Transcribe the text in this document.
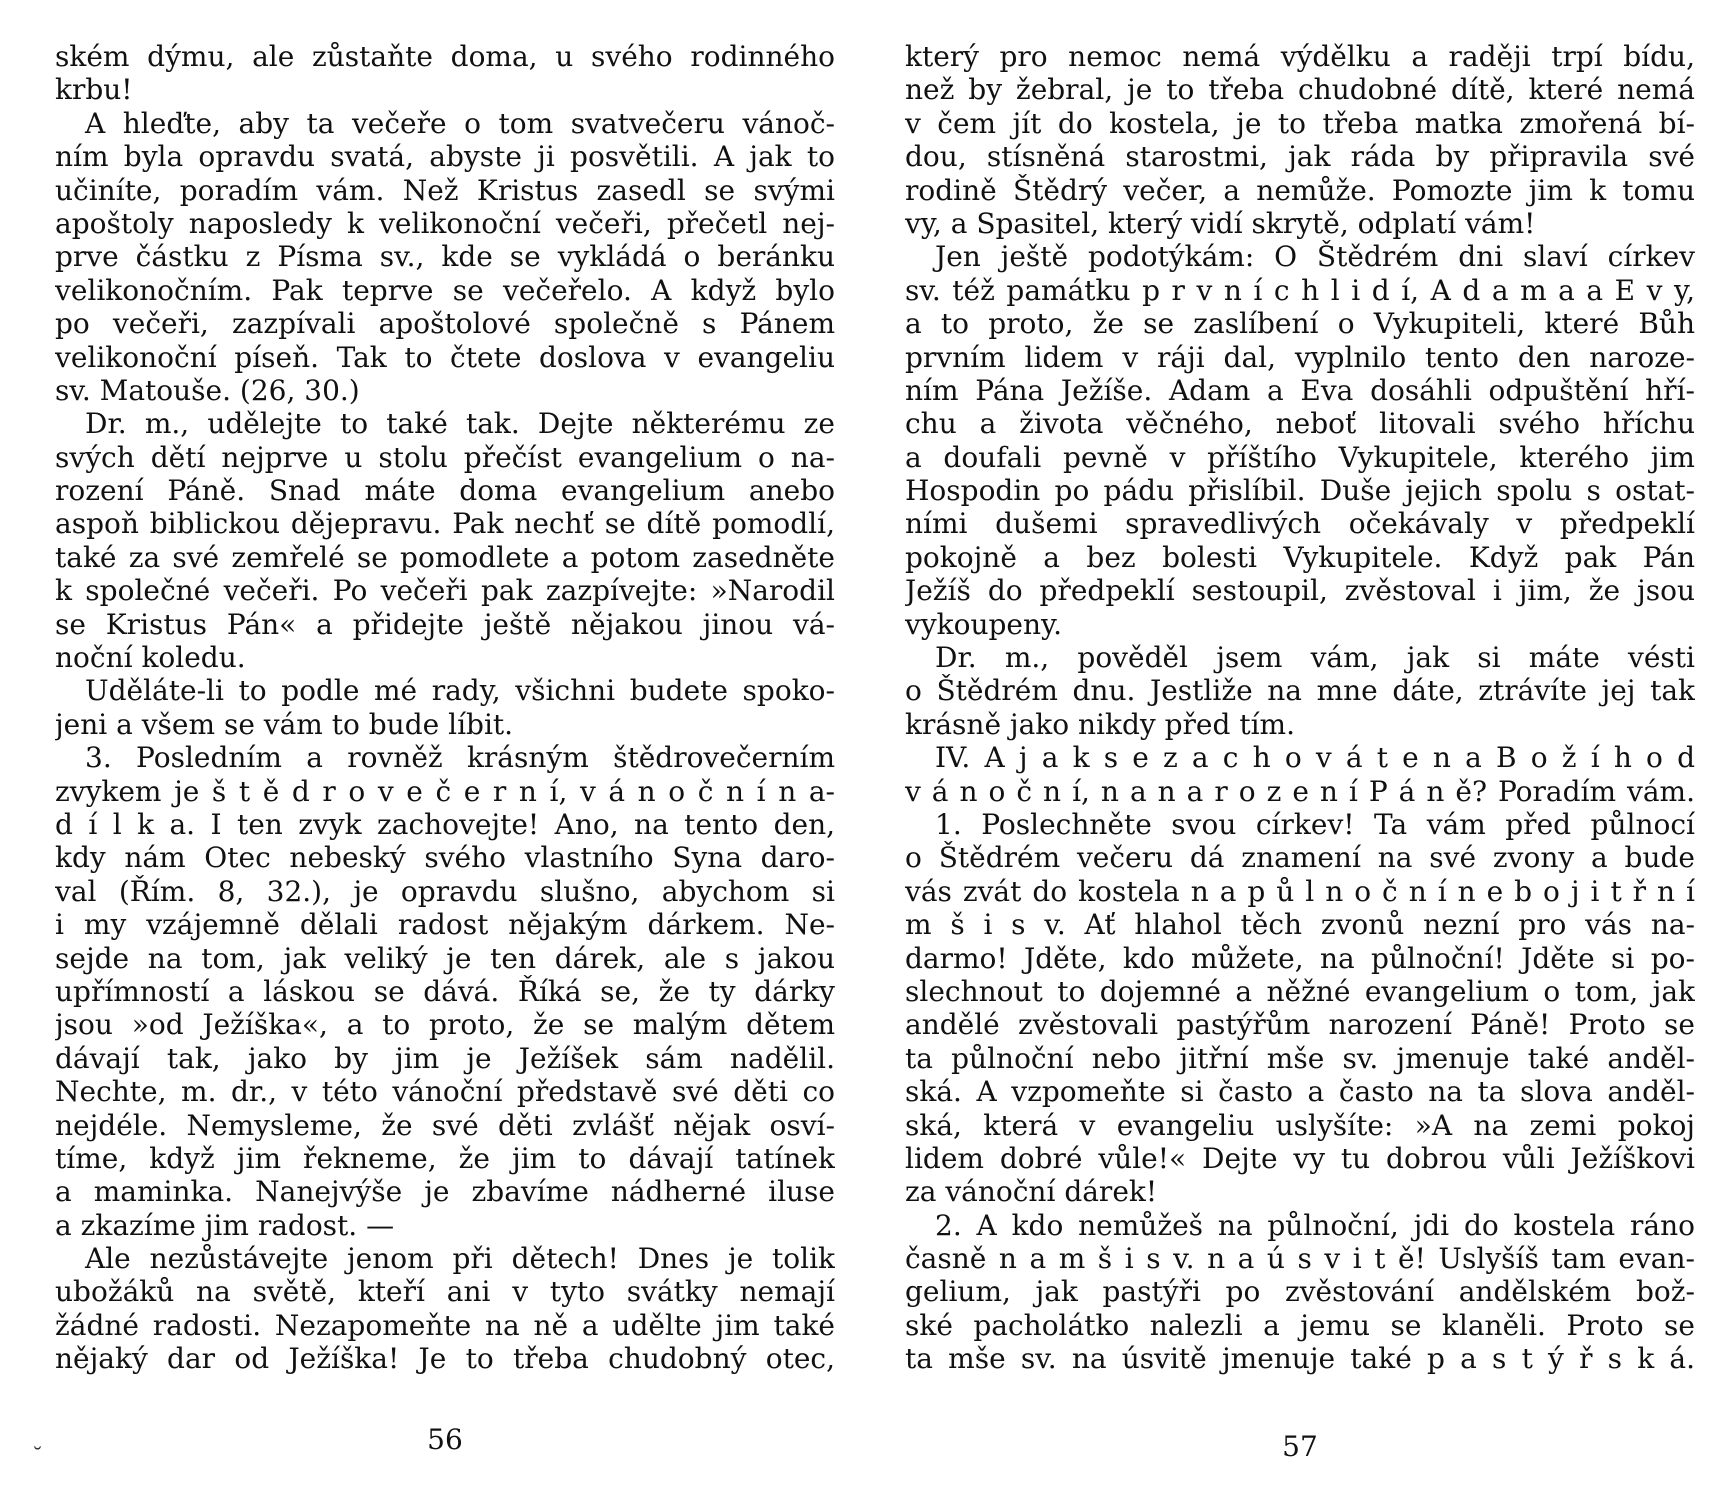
ském dýmu, ale zůstaňte doma, u svého rodinného
krbu!
A hleďte, aby ta večeře o tom svatvečeru vánoč-
ním byla opravdu svatá, abyste ji posvětili. A jak to
učiníte, poradím vám. Než Kristus zasedl se svými
apoštoly naposledy k velikonoční večeři, přečetl nej-
prve částku z Písma sv., kde se vykládá o beránku
velikonočním. Pak teprve se večeřelo. A když bylo
po večeři, zazpívali apoštolové společně s Pánem
velikonoční píseň. Tak to čtete doslova v evangeliu
sv. Matouše. (26, 30.)
Dr. m., udělejte to také tak. Dejte některému ze
svých dětí nejprve u stolu přečíst evangelium o na-
rození Páně. Snad máte doma evangelium anebo
aspoň biblickou dějepravu. Pak nechť se dítě pomodlí,
také za své zemřelé se pomodlete a potom zasedněte
k společné večeři. Po večeři pak zazpívejte: »Narodil
se Kristus Pán« a přidejte ještě nějakou jinou vá-
noční koledu.
Uděláte-li to podle mé rady, všichni budete spoko-
jeni a všem se vám to bude líbit.
3. Posledním a rovněž krásným štědrovečerním
zvykem je š t ě d r o v e č e r n í, v á n o č n í n a-
d í l k a. I ten zvyk zachovejte! Ano, na tento den,
kdy nám Otec nebeský svého vlastního Syna daro-
val (Řím. 8, 32.), je opravdu slušno, abychom si
i my vzájemně dělali radost nějakým dárkem. Ne-
sejde na tom, jak veliký je ten dárek, ale s jakou
upřímností a láskou se dává. Říká se, že ty dárky
jsou »od Ježíška«, a to proto, že se malým dětem
dávají tak, jako by jim je Ježíšek sám nadělil.
Nechte, m. dr., v této vánoční představě své děti co
nejdéle. Nemysleme, že své děti zvlášť nějak osví-
tíme, když jim řekneme, že jim to dávají tatínek
a maminka. Nanejvýše je zbavíme nádherné iluse
a zkazíme jim radost. —
Ale nezůstávejte jenom při dětech! Dnes je tolik
ubožáků na světě, kteří ani v tyto svátky nemají
žádné radosti. Nezapomeňte na ně a udělte jim také
nějaký dar od Ježíška! Je to třeba chudobný otec,
56
který pro nemoc nemá výdělku a raději trpí bídu,
než by žebral, je to třeba chudobné dítě, které nemá
v čem jít do kostela, je to třeba matka zmořená bí-
dou, stísněná starostmi, jak ráda by připravila své
rodině Štědrý večer, a nemůže. Pomozte jim k tomu
vy, a Spasitel, který vidí skrytě, odplatí vám!
Jen ještě podotýkám: O Štědrém dni slaví církev
sv. též památku p r v n í c h l i d í, A d a m a a E v y,
a to proto, že se zaslíbení o Vykupiteli, které Bůh
prvním lidem v ráji dal, vyplnilo tento den naroze-
ním Pána Ježíše. Adam a Eva dosáhli odpuštění hří-
chu a života věčného, neboť litovali svého hříchu
a doufali pevně v příštího Vykupitele, kterého jim
Hospodin po pádu přislíbil. Duše jejich spolu s ostat-
ními dušemi spravedlivých očekávaly v předpeklí
pokojně a bez bolesti Vykupitele. Když pak Pán
Ježíš do předpeklí sestoupil, zvěstoval i jim, že jsou
vykoupeny.
Dr. m., pověděl jsem vám, jak si máte vésti
o Štědrém dnu. Jestliže na mne dáte, ztrávíte jej tak
krásně jako nikdy před tím.
IV. A j a k s e z a c h o v á t e n a B o ž í h o d
v á n o č n í, n a n a r o z e n í P á n ě? Poradím vám.
1. Poslechněte svou církev! Ta vám před půlnocí
o Štědrém večeru dá znamení na své zvony a bude
vás zvát do kostela n a p ů l n o č n í n e b o j i t ř n í
m š i s v. Ať hlahol těch zvonů nezní pro vás na-
darmo! Jděte, kdo můžete, na půlnoční! Jděte si po-
slechnout to dojemné a něžné evangelium o tom, jak
andělé zvěstovali pastýřům narození Páně! Proto se
ta půlnoční nebo jitřní mše sv. jmenuje také anděl-
ská. A vzpomeňte si často a často na ta slova anděl-
ská, která v evangeliu uslyšíte: »A na zemi pokoj
lidem dobré vůle!« Dejte vy tu dobrou vůli Ježíškovi
za vánoční dárek!
2. A kdo nemůžeš na půlnoční, jdi do kostela ráno
časně n a m š i s v. n a ú s v i t ě! Uslyšíš tam evan-
gelium, jak pastýři po zvěstování andělském bož-
ské pacholátko nalezli a jemu se klaněli. Proto se
ta mše sv. na úsvitě jmenuje také p a s t ý ř s k á.
57
˘
